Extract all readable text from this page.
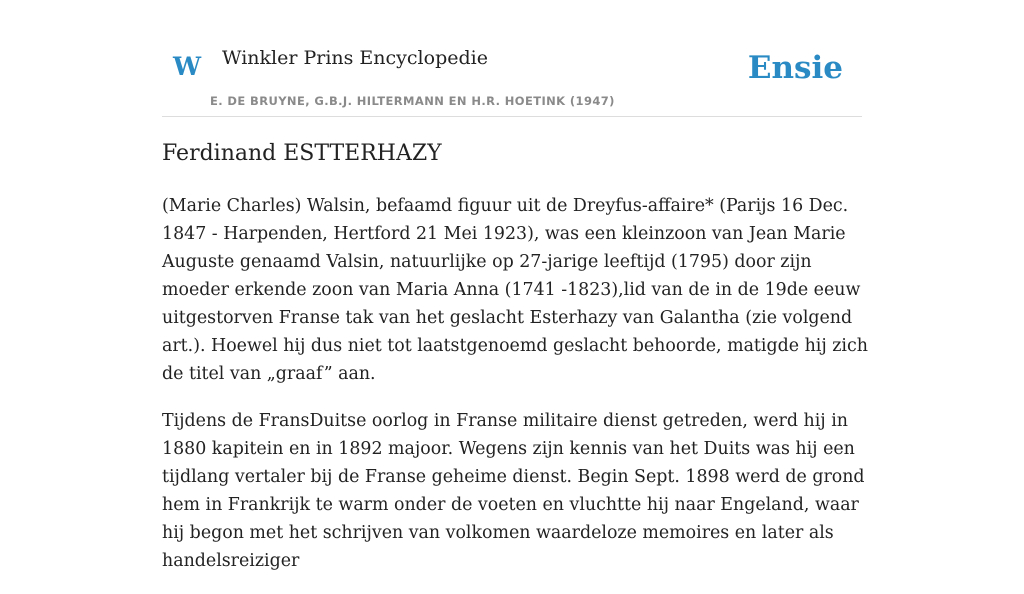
W Winkler Prins Encyclopedie
E. DE BRUYNE, G.B.J. HILTERMANN EN H.R. HOETINK (1947)
Ensie
Ferdinand ESTTERHAZY

(Marie Charles) Walsin, befaamd figuur uit de Dreyfus-affaire* (Parijs 16 Dec. 1847 - Harpenden, Hertford 21 Mei 1923), was een kleinzoon van Jean Marie Auguste genaamd Valsin, natuurlijke op 27-jarige leeftijd (1795) door zijn moeder erkende zoon van Maria Anna (1741 -1823),lid van de in de 19de eeuw uitgestorven Franse tak van het geslacht Esterhazy van Galantha (zie volgend art.). Hoewel hij dus niet tot laatstgenoemd geslacht behoorde, matigde hij zich de titel van „graaf” aan.

Tijdens de FransDuitse oorlog in Franse militaire dienst getreden, werd hij in 1880 kapitein en in 1892 majoor. Wegens zijn kennis van het Duits was hij een tijdlang vertaler bij de Franse geheime dienst. Begin Sept. 1898 werd de grond hem in Frankrijk te warm onder de voeten en vluchtte hij naar Engeland, waar hij begon met het schrijven van volkomen waardeloze memoires en later als handelsreiziger
